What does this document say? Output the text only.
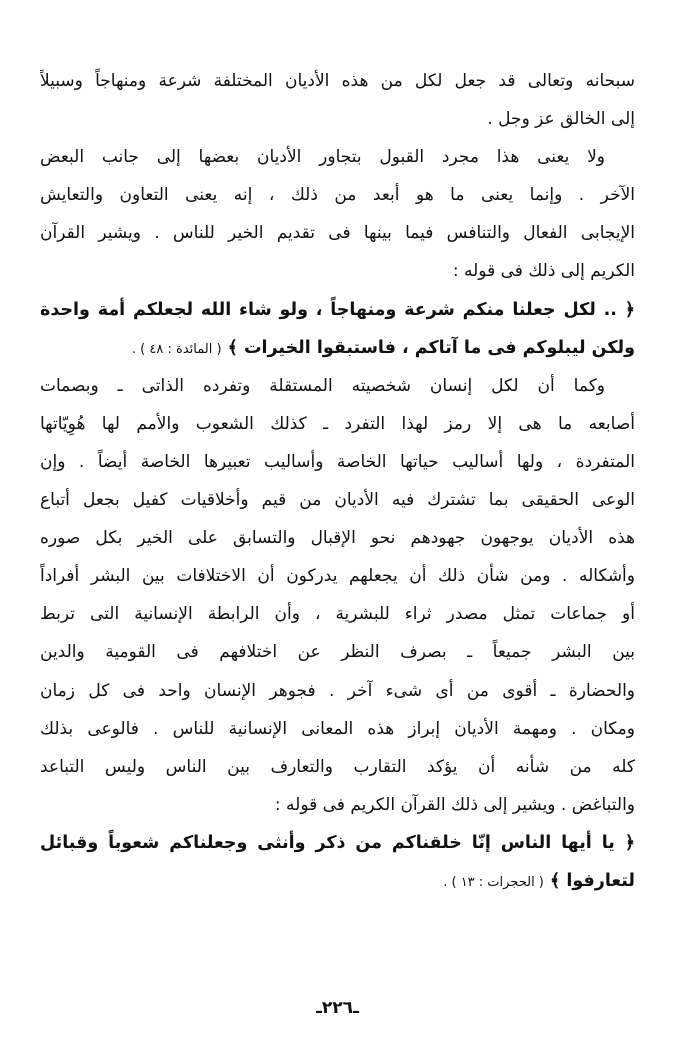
سبحانه وتعالى قد جعل لكل من هذه الأديان المختلفة شرعة ومنهاجاً وسبيلاً
إلى الخالق عز وجل .
ولا يعنى هذا مجرد القبول بتجاور الأديان بعضها إلى جانب البعض
الآخر . وإنما يعنى ما هو أبعد من ذلك ، إنه يعنى التعاون والتعايش
الإيجابى الفعال والتنافس فيما بينها فى تقديم الخير للناس . ويشير القرآن
الكريم إلى ذلك فى قوله :
﴿ .. لكل جعلنا منكم شرعة ومنهاجاً ، ولو شاء الله لجعلكم أمة واحدة
ولكن ليبلوكم فى ما آتاكم ، فاستبقوا الخيرات ﴾ ( المائدة : ٤٨ ) .
وكما أن لكل إنسان شخصيته المستقلة وتفرده الذاتى ـ وبصمات
أصابعه ما هى إلا رمز لهذا التفرد ـ كذلك الشعوب والأمم لها هُوِيّاتها
المتفردة ، ولها أساليب حياتها الخاصة وأساليب تعبيرها الخاصة أيضاً . وإن
الوعى الحقيقى بما تشترك فيه الأديان من قيم وأخلاقيات كفيل بجعل أتباع
هذه الأديان يوجهون جهودهم نحو الإقبال والتسابق على الخير بكل صوره
وأشكاله . ومن شأن ذلك أن يجعلهم يدركون أن الاختلافات بين البشر أفراداً
أو جماعات تمثل مصدر ثراء للبشرية ، وأن الرابطة الإنسانية التى تربط
بين البشر جميعاً ـ بصرف النظر عن اختلافهم فى القومية والدين
والحضارة ـ أقوى من أى شىء آخر . فجوهر الإنسان واحد فى كل زمان
ومكان . ومهمة الأديان إبراز هذه المعانى الإنسانية للناس . فالوعى بذلك
كله من شأنه أن يؤكد التقارب والتعارف بين الناس وليس التباعد
والتباغض . ويشير إلى ذلك القرآن الكريم فى قوله :
﴿ يا أيها الناس إنّا خلقناكم من ذكر وأنثى وجعلناكم شعوباً وقبائل
لتعارفوا ﴾ ( الحجرات : ١٣ ) .
ـ٢٢٦ـ
